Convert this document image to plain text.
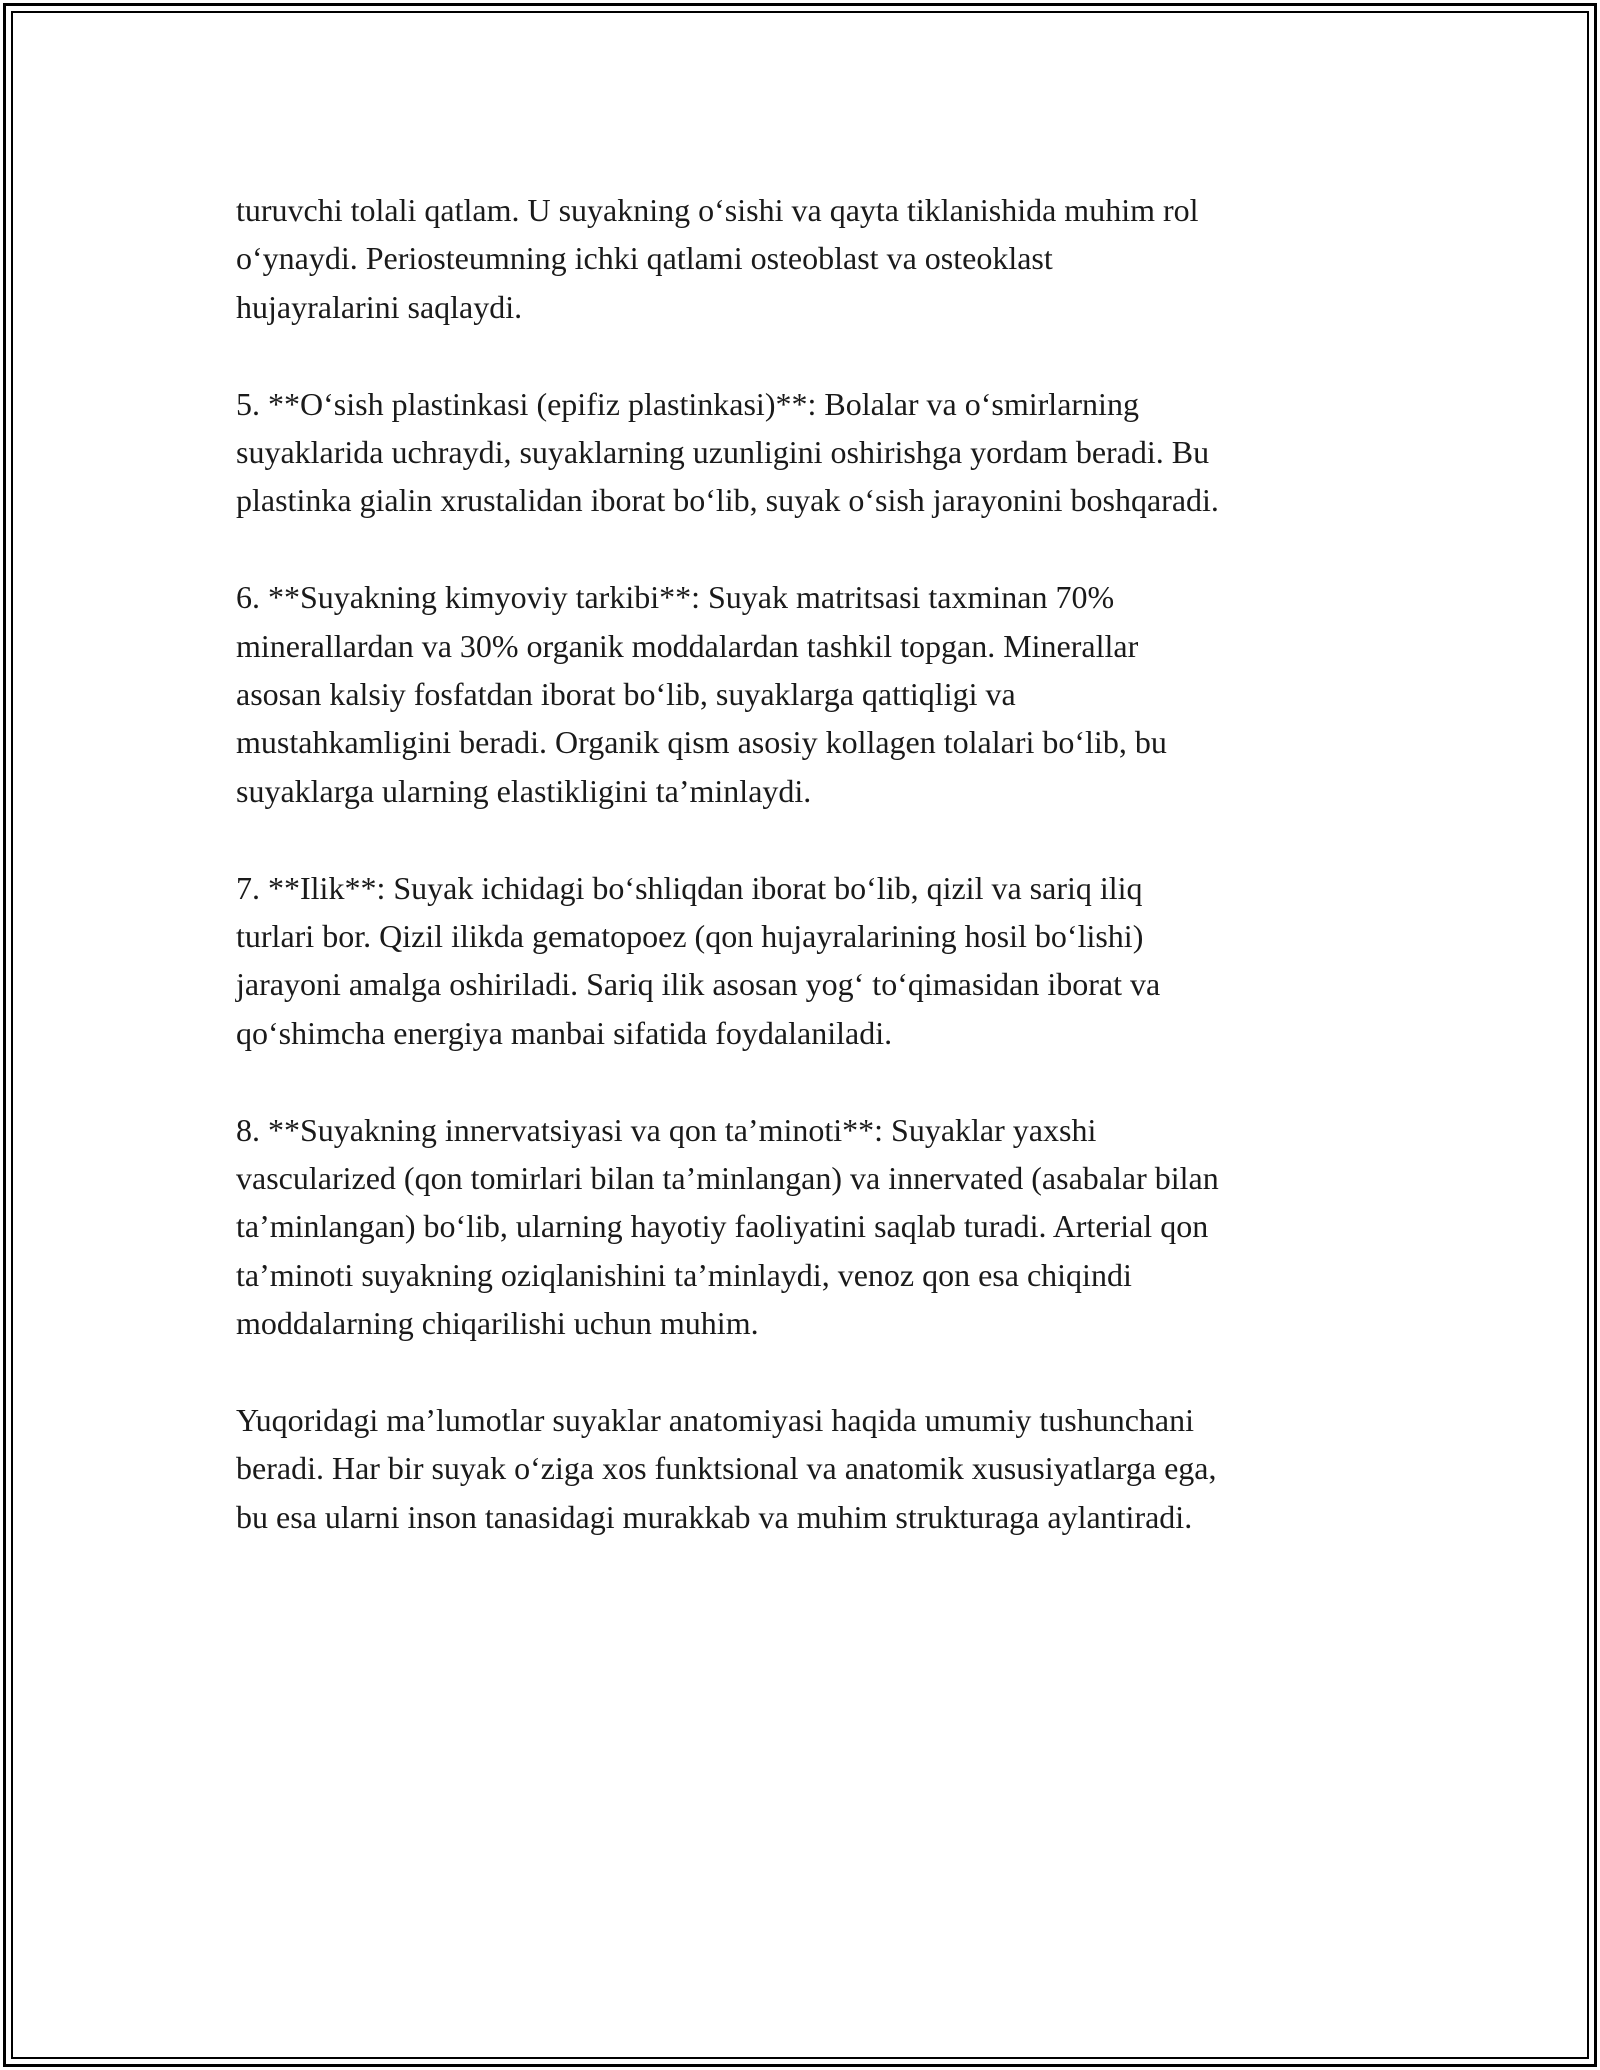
turuvchi tolali qatlam. U suyakning o‘sishi va qayta tiklanishida muhim rol
o‘ynaydi. Periosteumning ichki qatlami osteoblast va osteoklast
hujayralarini saqlaydi.

5. **O‘sish plastinkasi (epifiz plastinkasi)**: Bolalar va o‘smirlarning
suyaklarida uchraydi, suyaklarning uzunligini oshirishga yordam beradi. Bu
plastinka gialin xrustalidan iborat bo‘lib, suyak o‘sish jarayonini boshqaradi.

6. **Suyakning kimyoviy tarkibi**: Suyak matritsasi taxminan 70%
minerallardan va 30% organik moddalardan tashkil topgan. Minerallar
asosan kalsiy fosfatdan iborat bo‘lib, suyaklarga qattiqligi va
mustahkamligini beradi. Organik qism asosiy kollagen tolalari bo‘lib, bu
suyaklarga ularning elastikligini ta’minlaydi.

7. **Ilik**: Suyak ichidagi bo‘shliqdan iborat bo‘lib, qizil va sariq iliq
turlari bor. Qizil ilikda gematopoez (qon hujayralarining hosil bo‘lishi)
jarayoni amalga oshiriladi. Sariq ilik asosan yog‘ to‘qimasidan iborat va
qo‘shimcha energiya manbai sifatida foydalaniladi.

8. **Suyakning innervatsiyasi va qon ta’minoti**: Suyaklar yaxshi
vascularized (qon tomirlari bilan ta’minlangan) va innervated (asabalar bilan
ta’minlangan) bo‘lib, ularning hayotiy faoliyatini saqlab turadi. Arterial qon
ta’minoti suyakning oziqlanishini ta’minlaydi, venoz qon esa chiqindi
moddalarning chiqarilishi uchun muhim.

Yuqoridagi ma’lumotlar suyaklar anatomiyasi haqida umumiy tushunchani
beradi. Har bir suyak o‘ziga xos funktsional va anatomik xususiyatlarga ega,
bu esa ularni inson tanasidagi murakkab va muhim strukturaga aylantiradi.
